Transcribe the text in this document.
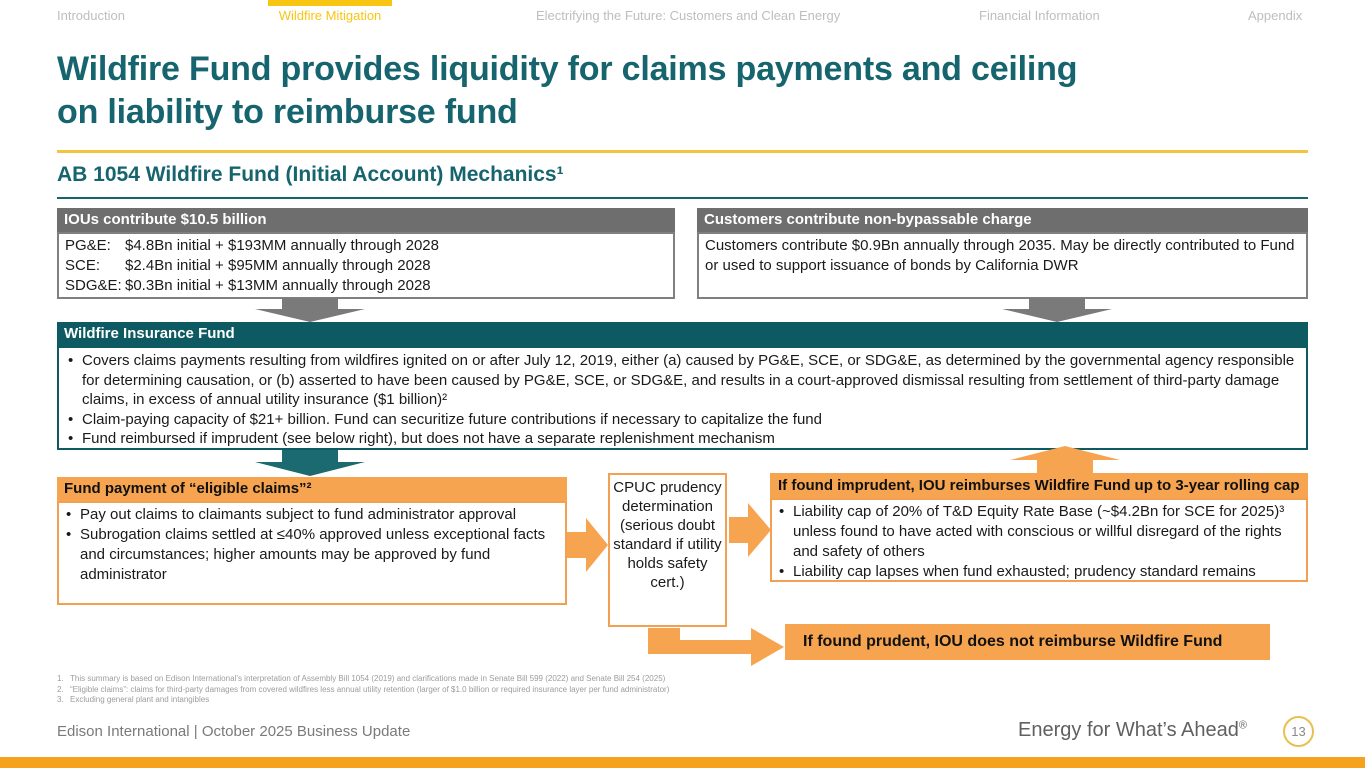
Introduction	Wildfire Mitigation	Electrifying the Future: Customers and Clean Energy	Financial Information	Appendix
Wildfire Fund provides liquidity for claims payments and ceiling
on liability to reimburse fund
AB 1054 Wildfire Fund (Initial Account) Mechanics¹
IOUs contribute $10.5 billion
PG&E: $4.8Bn initial + $193MM annually through 2028
SCE:	$2.4Bn initial + $95MM annually through 2028
SDG&E: $0.3Bn initial + $13MM annually through 2028
Customers contribute non-bypassable charge
Customers contribute $0.9Bn annually through 2035. May be directly contributed to Fund or used to support issuance of bonds by California DWR
Wildfire Insurance Fund
• Covers claims payments resulting from wildfires ignited on or after July 12, 2019, either (a) caused by PG&E, SCE, or SDG&E, as determined by the governmental agency responsible for determining causation, or (b) asserted to have been caused by PG&E, SCE, or SDG&E, and results in a court-approved dismissal resulting from settlement of third-party damage claims, in excess of annual utility insurance ($1 billion)²
• Claim-paying capacity of $21+ billion. Fund can securitize future contributions if necessary to capitalize the fund
• Fund reimbursed if imprudent (see below right), but does not have a separate replenishment mechanism
Fund payment of “eligible claims”²
• Pay out claims to claimants subject to fund administrator approval
• Subrogation claims settled at ≤40% approved unless exceptional facts and circumstances; higher amounts may be approved by fund administrator
CPUC prudency determination (serious doubt standard if utility holds safety cert.)
If found imprudent, IOU reimburses Wildfire Fund up to 3-year rolling cap
• Liability cap of 20% of T&D Equity Rate Base (~$4.2Bn for SCE for 2025)³ unless found to have acted with conscious or willful disregard of the rights and safety of others
• Liability cap lapses when fund exhausted; prudency standard remains
If found prudent, IOU does not reimburse Wildfire Fund
1. This summary is based on Edison International’s interpretation of Assembly Bill 1054 (2019) and clarifications made in Senate Bill 599 (2022) and Senate Bill 254 (2025)
2. “Eligible claims”: claims for third-party damages from covered wildfires less annual utility retention (larger of $1.0 billion or required insurance layer per fund administrator)
3. Excluding general plant and intangibles
Edison International | October 2025 Business Update	Energy for What’s Ahead®	13
